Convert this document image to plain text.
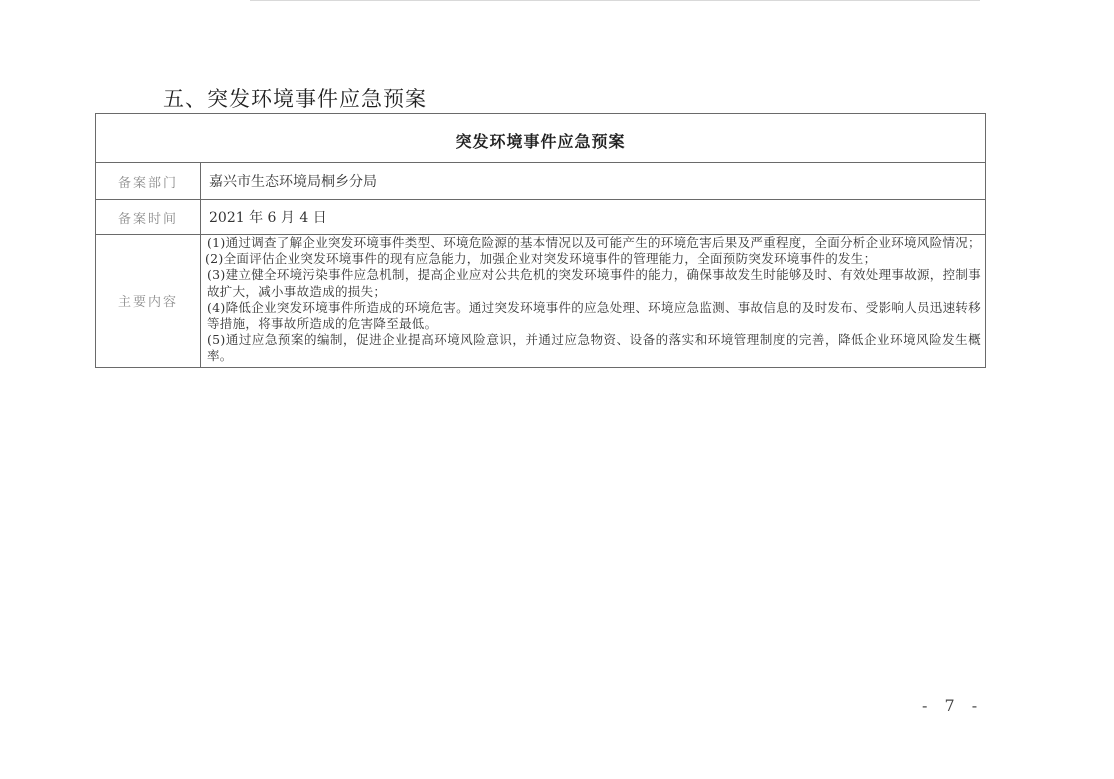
五、突发环境事件应急预案
突发环境事件应急预案	
备案部门	嘉兴市生态环境局桐乡分局
备案时间	2021 年 6 月 4 日
主要内容	(1)通过调查了解企业突发环境事件类型、环境危险源的基本情况以及可能产生的环境危害后果及严重程度，全面分析企业环境风险情况；

(2)全面评估企业突发环境事件的现有应急能力，加强企业对突发环境事件的管理能力，全面预防突发环境事件的发生；

(3)建立健全环境污染事件应急机制，提高企业应对公共危机的突发环境事件的能力，确保事故发生时能够及时、有效处理事故源，控制事故扩大，减小事故造成的损失；

(4)降低企业突发环境事件所造成的环境危害。通过突发环境事件的应急处理、环境应急监测、事故信息的及时发布、受影响人员迅速转移等措施，将事故所造成的危害降至最低。

(5)通过应急预案的编制，促进企业提高环境风险意识，并通过应急物资、设备的落实和环境管理制度的完善，降低企业环境风险发生概率。

- 7 -
